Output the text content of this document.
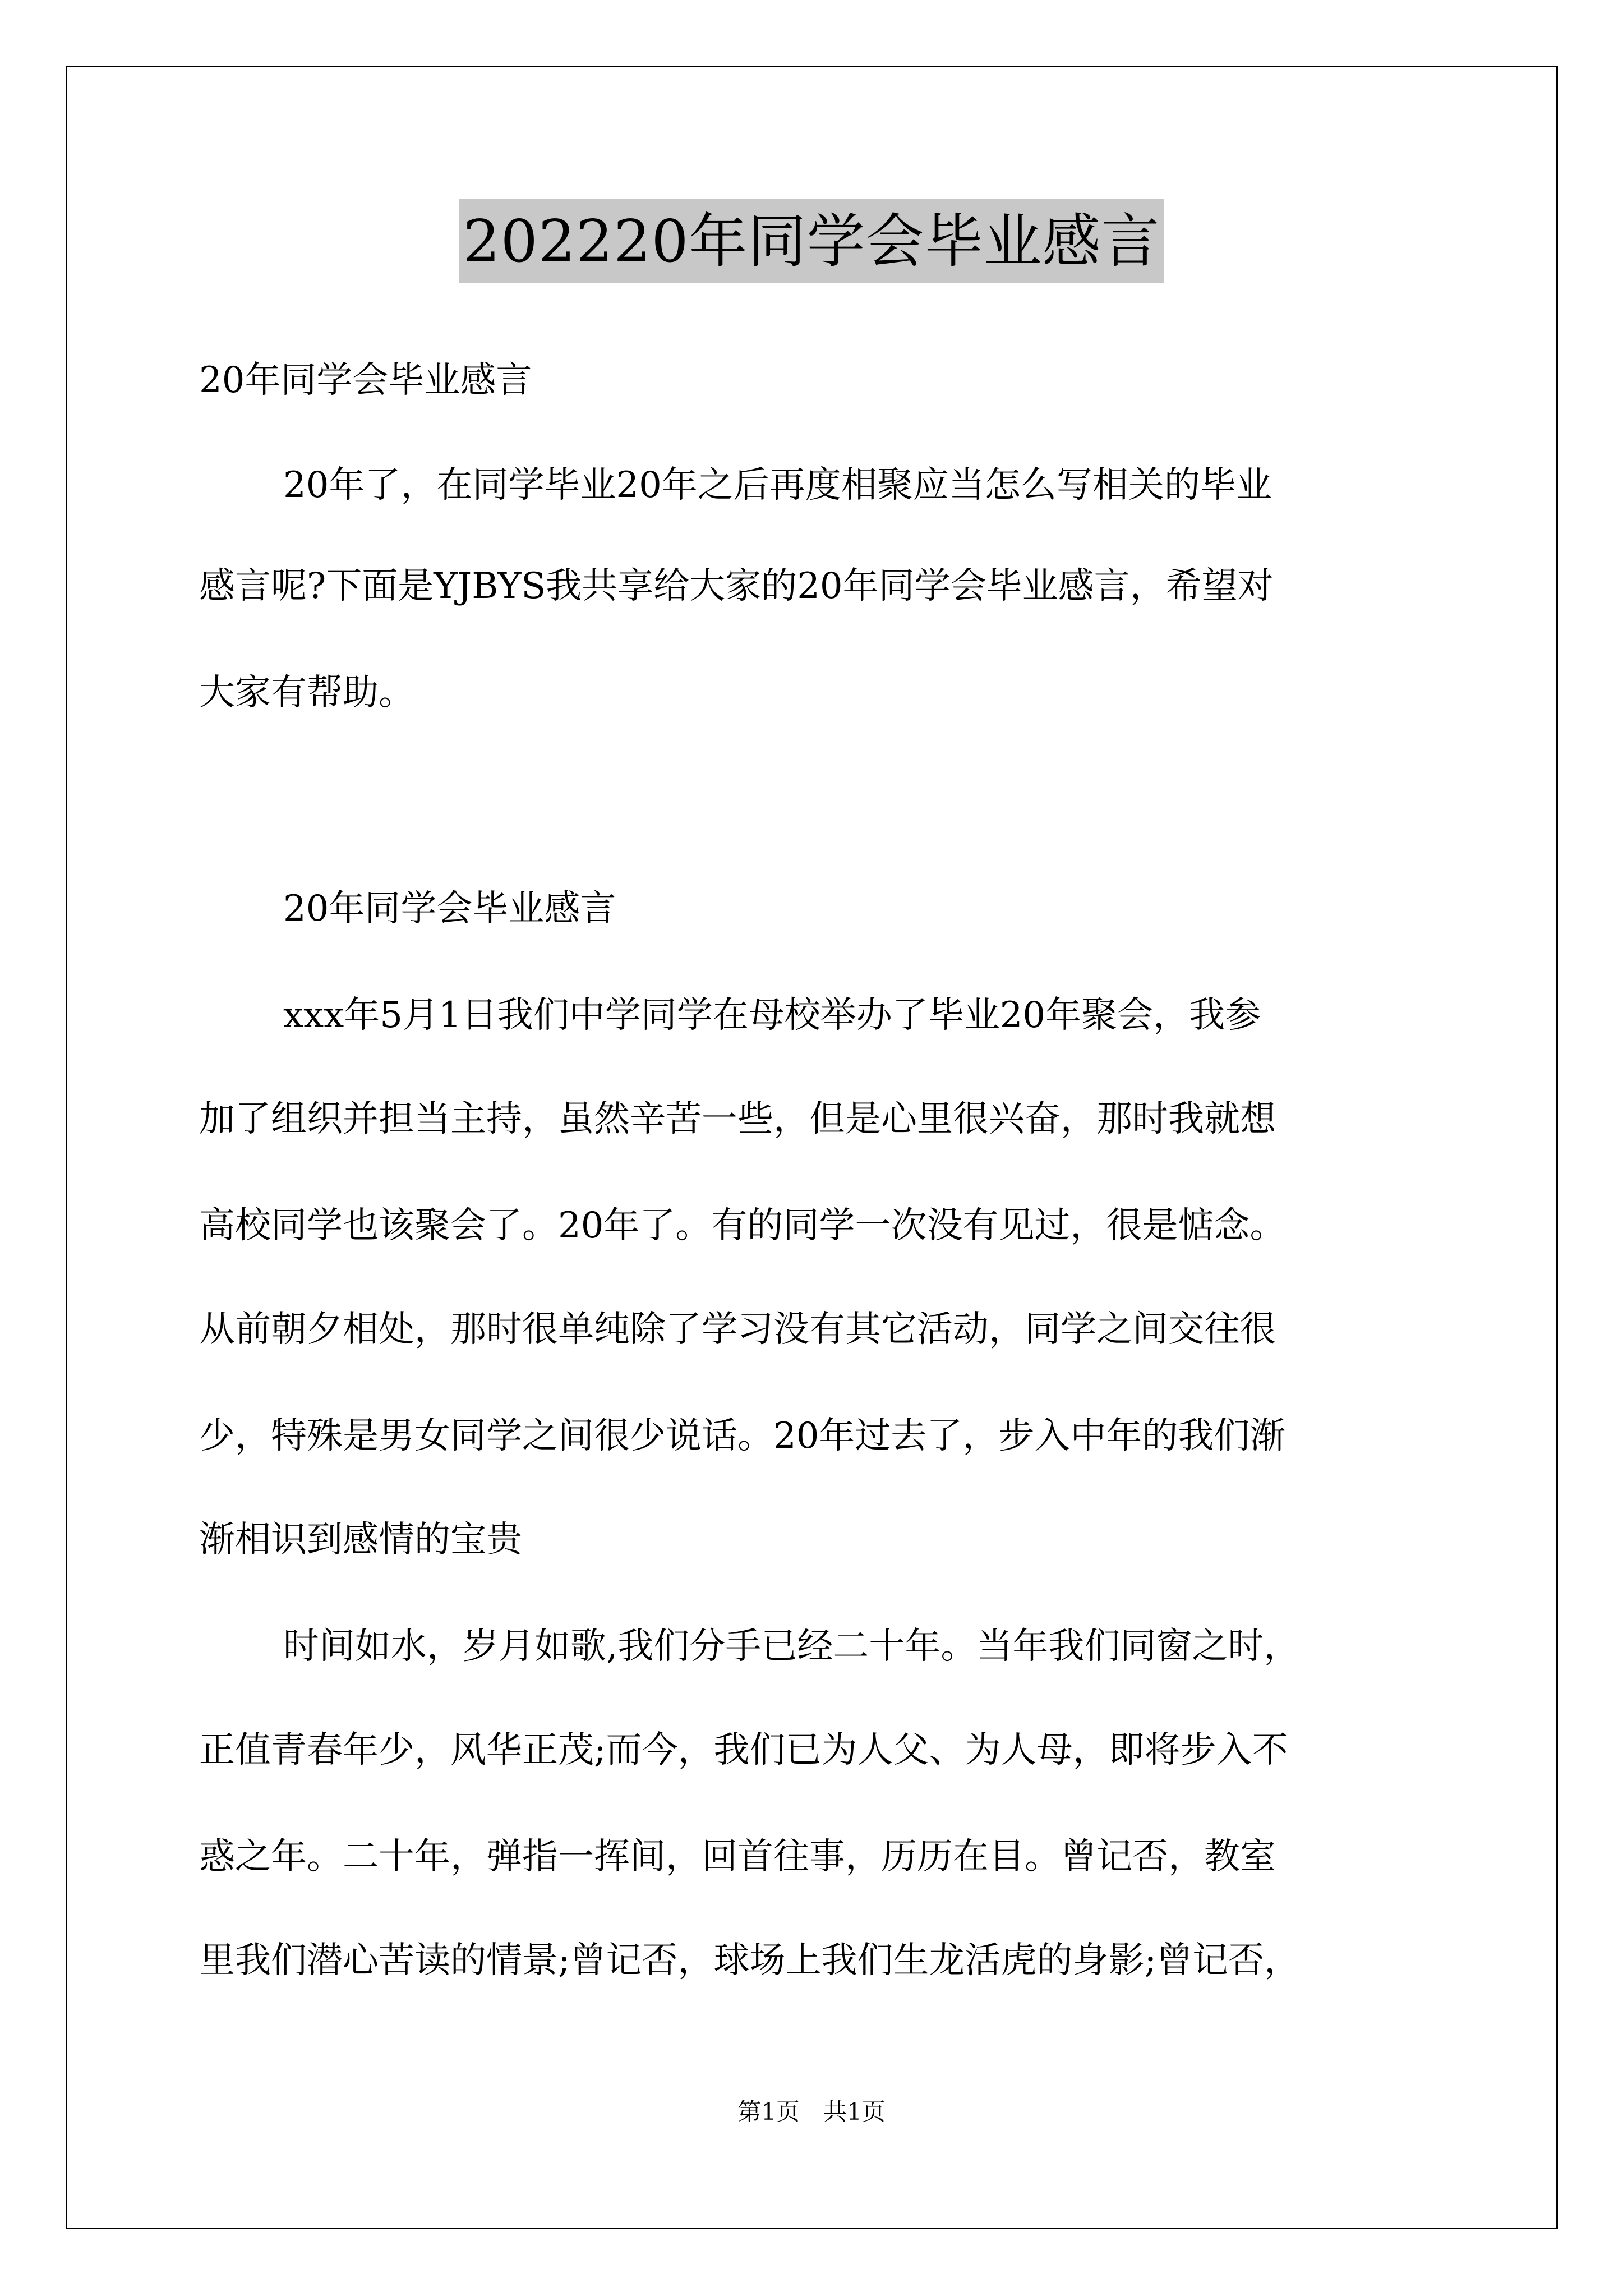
202220年同学会毕业感言
20年同学会毕业感言
20年了，在同学毕业20年之后再度相聚应当怎么写相关的毕业
感言呢?下面是YJBYS我共享给大家的20年同学会毕业感言，希望对
大家有帮助。
20年同学会毕业感言
xxx年5月1日我们中学同学在母校举办了毕业20年聚会，我参
加了组织并担当主持，虽然辛苦一些，但是心里很兴奋，那时我就想
高校同学也该聚会了。20年了。有的同学一次没有见过，很是惦念。
从前朝夕相处，那时很单纯除了学习没有其它活动，同学之间交往很
少，特殊是男女同学之间很少说话。20年过去了，步入中年的我们渐
渐相识到感情的宝贵
时间如水，岁月如歌,我们分手已经二十年。当年我们同窗之时，
正值青春年少，风华正茂;而今，我们已为人父、为人母，即将步入不
惑之年。二十年，弹指一挥间，回首往事，历历在目。曾记否，教室
里我们潜心苦读的情景;曾记否，球场上我们生龙活虎的身影;曾记否，
第1页　共1页
